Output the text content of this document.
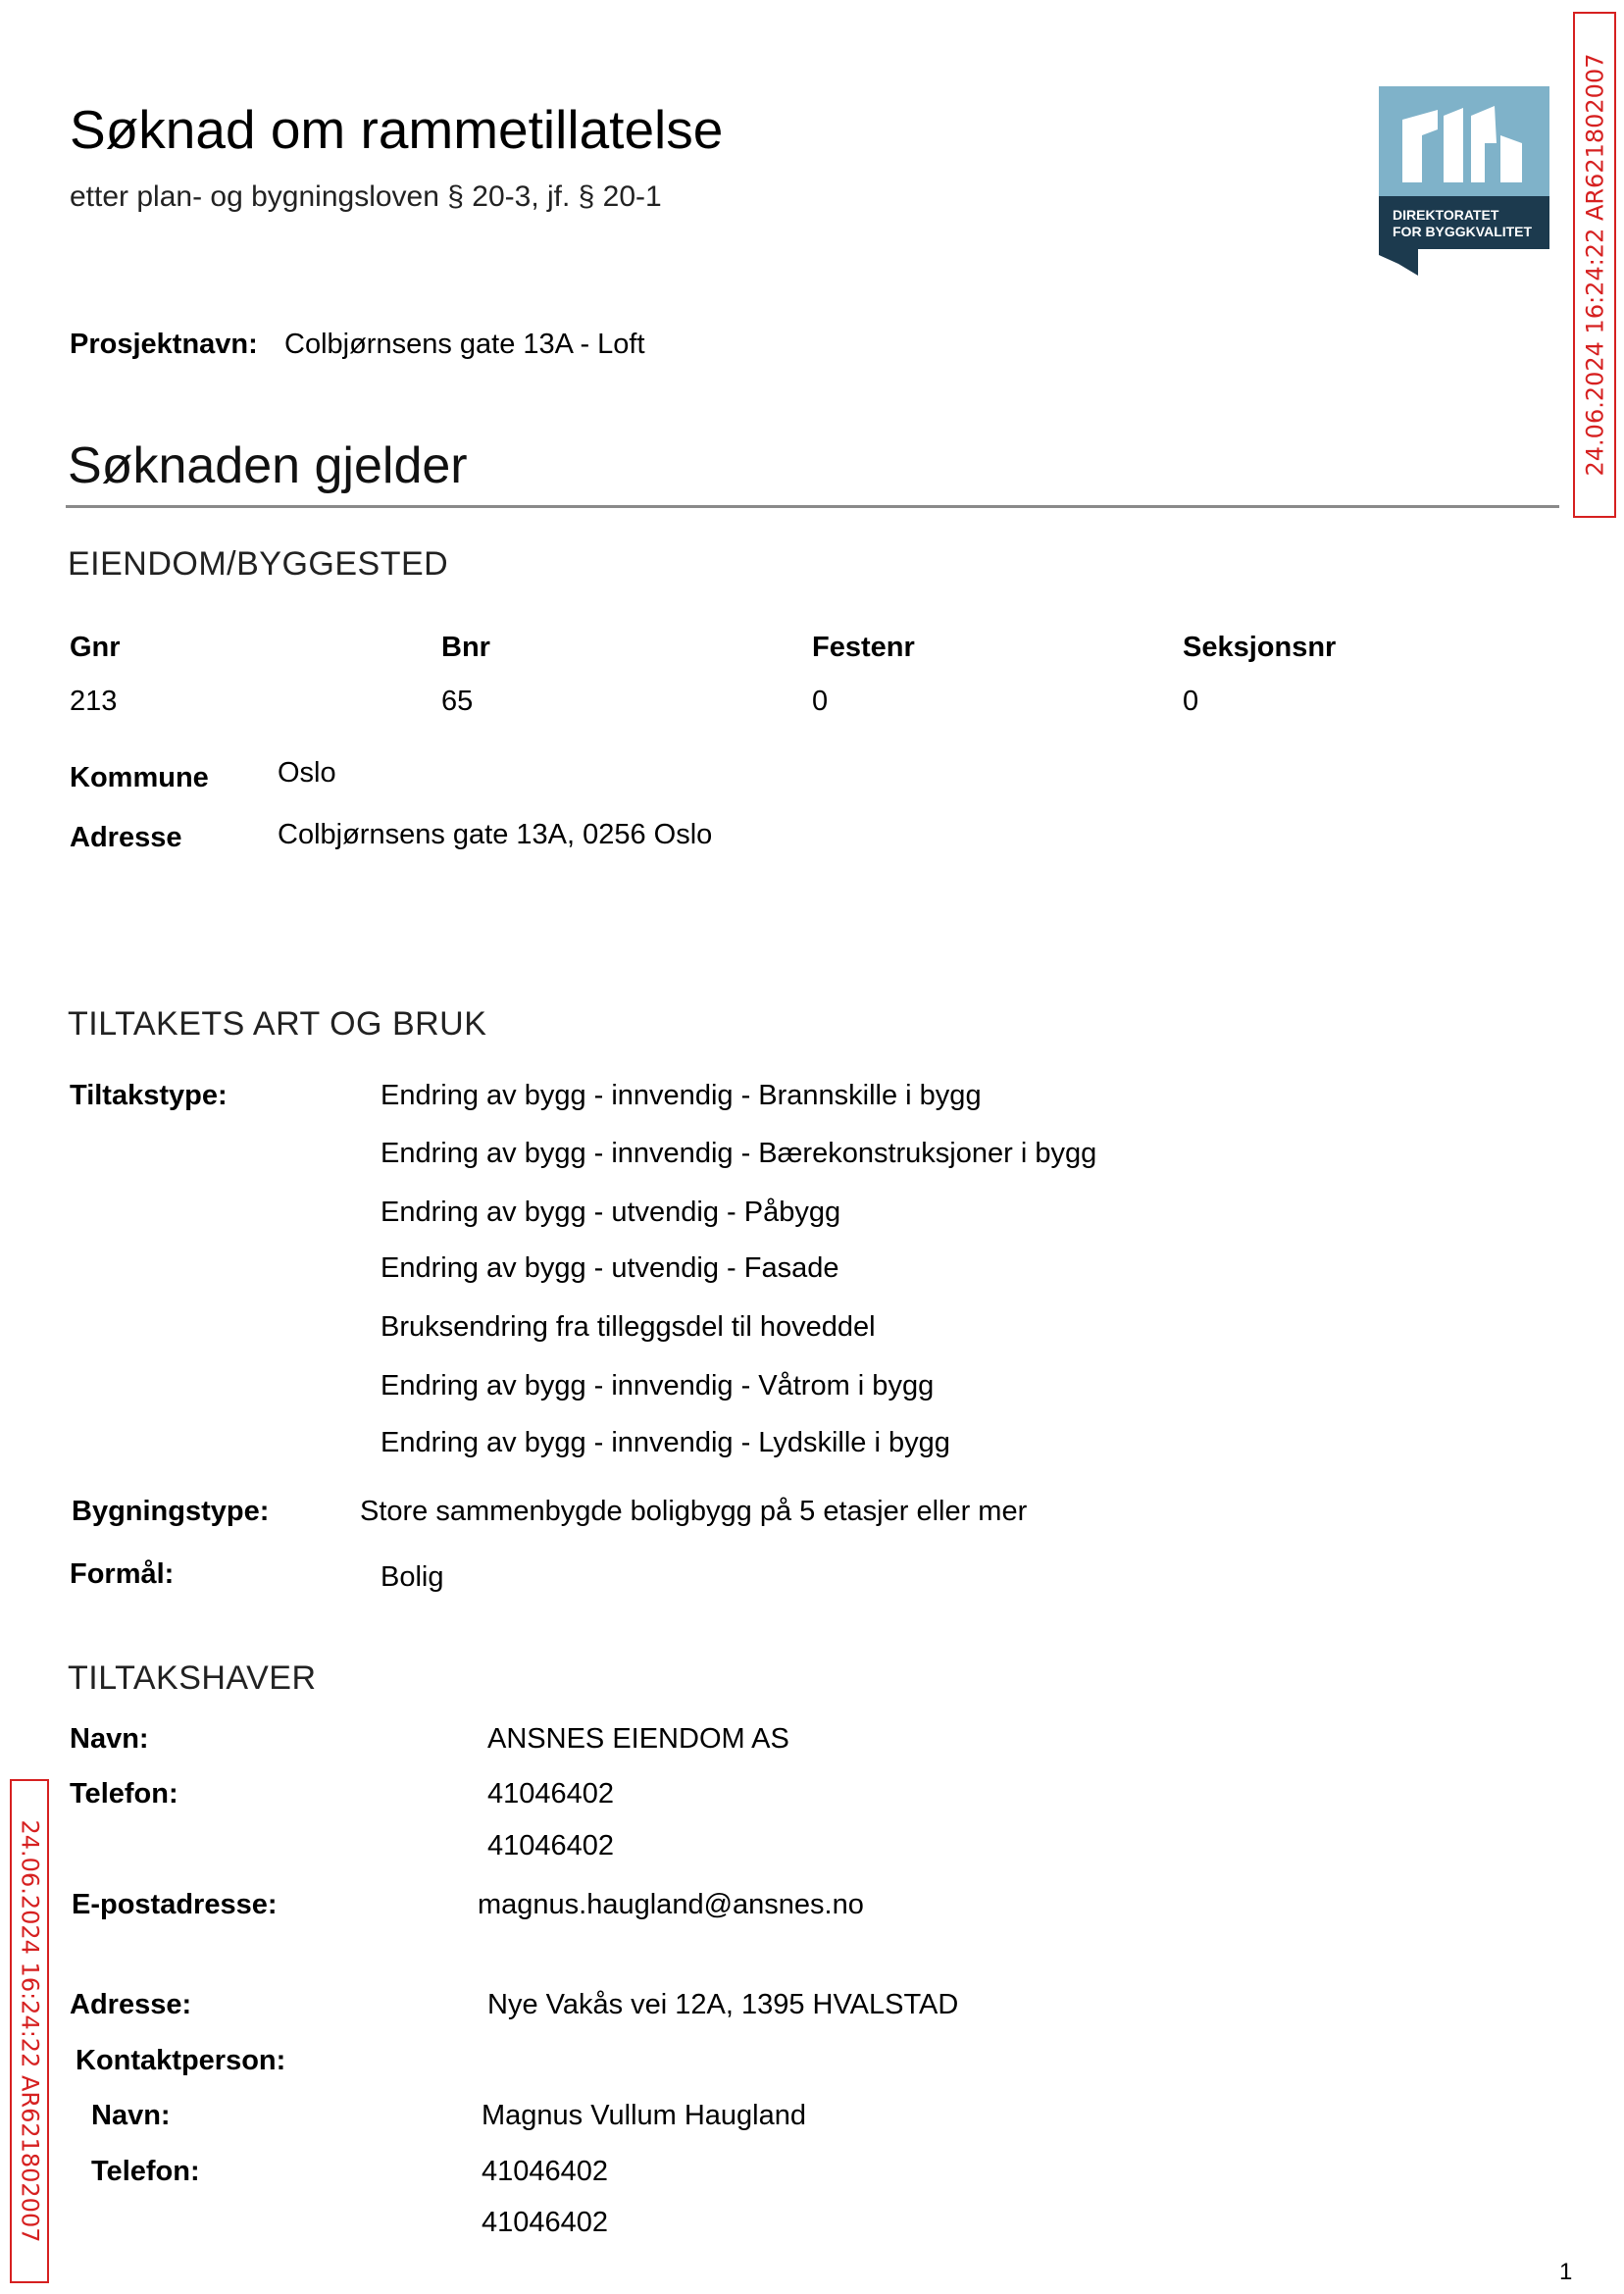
Søknad om rammetillatelse
etter plan- og bygningsloven § 20-3, jf. § 20-1
DIREKTORATET
FOR BYGGKVALITET 24.06.2024 16:24:22 AR621802007
24.06.2024 16:24:22 AR621802007
Prosjektnavn: Colbjørnsens gate 13A - Loft
Søknaden gjelder
EIENDOM/BYGGESTED
Gnr	Bnr	Festenr	Seksjonsnr
213	65	0	0
Kommune Oslo
Adresse	Colbjørnsens gate 13A, 0256 Oslo
TILTAKETS ART OG BRUK
Tiltakstype:	Endring av bygg - innvendig - Brannskille i bygg
Endring av bygg - innvendig - Bærekonstruksjoner i bygg
Endring av bygg - utvendig - Påbygg
Endring av bygg - utvendig - Fasade
Bruksendring fra tilleggsdel til hoveddel
Endring av bygg - innvendig - Våtrom i bygg
Endring av bygg - innvendig - Lydskille i bygg
Bygningstype:	Store sammenbygde boligbygg på 5 etasjer eller mer
Formål:	Bolig
TILTAKSHAVER
Navn:	ANSNES EIENDOM AS
Telefon:	41046402
41046402
E-postadresse:	magnus.haugland@ansnes.no
Adresse:	Nye Vakås vei 12A, 1395 HVALSTAD
Kontaktperson:
Navn:	Magnus Vullum Haugland
Telefon:	41046402
41046402
1
